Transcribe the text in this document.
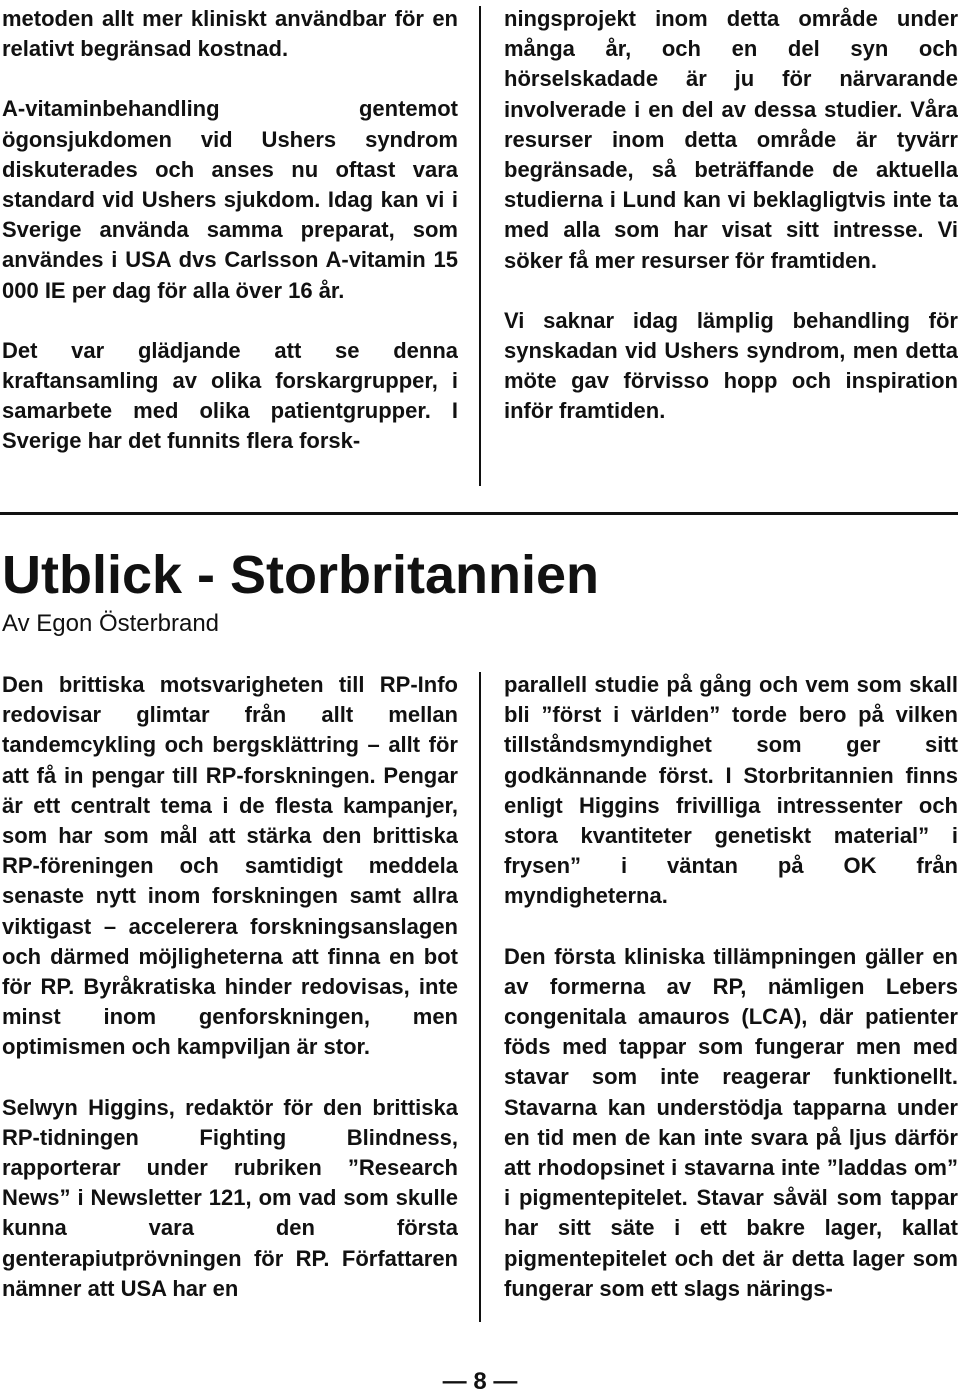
metoden allt mer kliniskt användbar för en relativt begränsad kostnad.

A-vitaminbehandling gentemot ögonsjukdomen vid Ushers syndrom diskuterades och anses nu oftast vara standard vid Ushers sjukdom. Idag kan vi i Sverige använda samma preparat, som användes i USA dvs Carlsson A-vitamin 15 000 IE per dag för alla över 16 år.

Det var glädjande att se denna kraftansamling av olika forskargrupper, i samarbete med olika patientgrupper. I Sverige har det funnits flera forsk-

ningsprojekt inom detta område under många år, och en del syn och hörselskadade är ju för närvarande involverade i en del av dessa studier. Våra resurser inom detta område är tyvärr begränsade, så beträffande de aktuella studierna i Lund kan vi beklagligtvis inte ta med alla som har visat sitt intresse. Vi söker få mer resurser för framtiden.

Vi saknar idag lämplig behandling för synskadan vid Ushers syndrom, men detta möte gav förvisso hopp och inspiration inför framtiden.

Utblick - Storbritannien

Av Egon Österbrand

Den brittiska motsvarigheten till RP-Info redovisar glimtar från allt mellan tandemcykling och bergsklättring – allt för att få in pengar till RP-forskningen. Pengar är ett centralt tema i de flesta kampanjer, som har som mål att stärka den brittiska RP-föreningen och samtidigt meddela senaste nytt inom forskningen samt allra viktigast – accelerera forskningsanslagen och därmed möjligheterna att finna en bot för RP. Byråkratiska hinder redovisas, inte minst inom genforskningen, men optimismen och kampviljan är stor.

Selwyn Higgins, redaktör för den brittiska RP-tidningen Fighting Blindness, rapporterar under rubriken ”Research News” i Newsletter 121, om vad som skulle kunna vara den första genterapiutprövningen för RP. Författaren nämner att USA har en

parallell studie på gång och vem som skall bli ”först i världen” torde bero på vilken tillståndsmyndighet som ger sitt godkännande först. I Storbritannien finns enligt Higgins frivilliga intressenter och stora kvantiteter genetiskt material” i frysen” i väntan på OK från myndigheterna.

Den första kliniska tillämpningen gäller en av formerna av RP, nämligen Lebers congenitala amauros (LCA), där patienter föds med tappar som fungerar men med stavar som inte reagerar funktionellt. Stavarna kan understödja tapparna under en tid men de kan inte svara på ljus därför att rhodopsinet i stavarna inte ”laddas om” i pigmentepitelet. Stavar såväl som tappar har sitt säte i ett bakre lager, kallat pigmentepitelet och det är detta lager som fungerar som ett slags närings-

— 8 —
